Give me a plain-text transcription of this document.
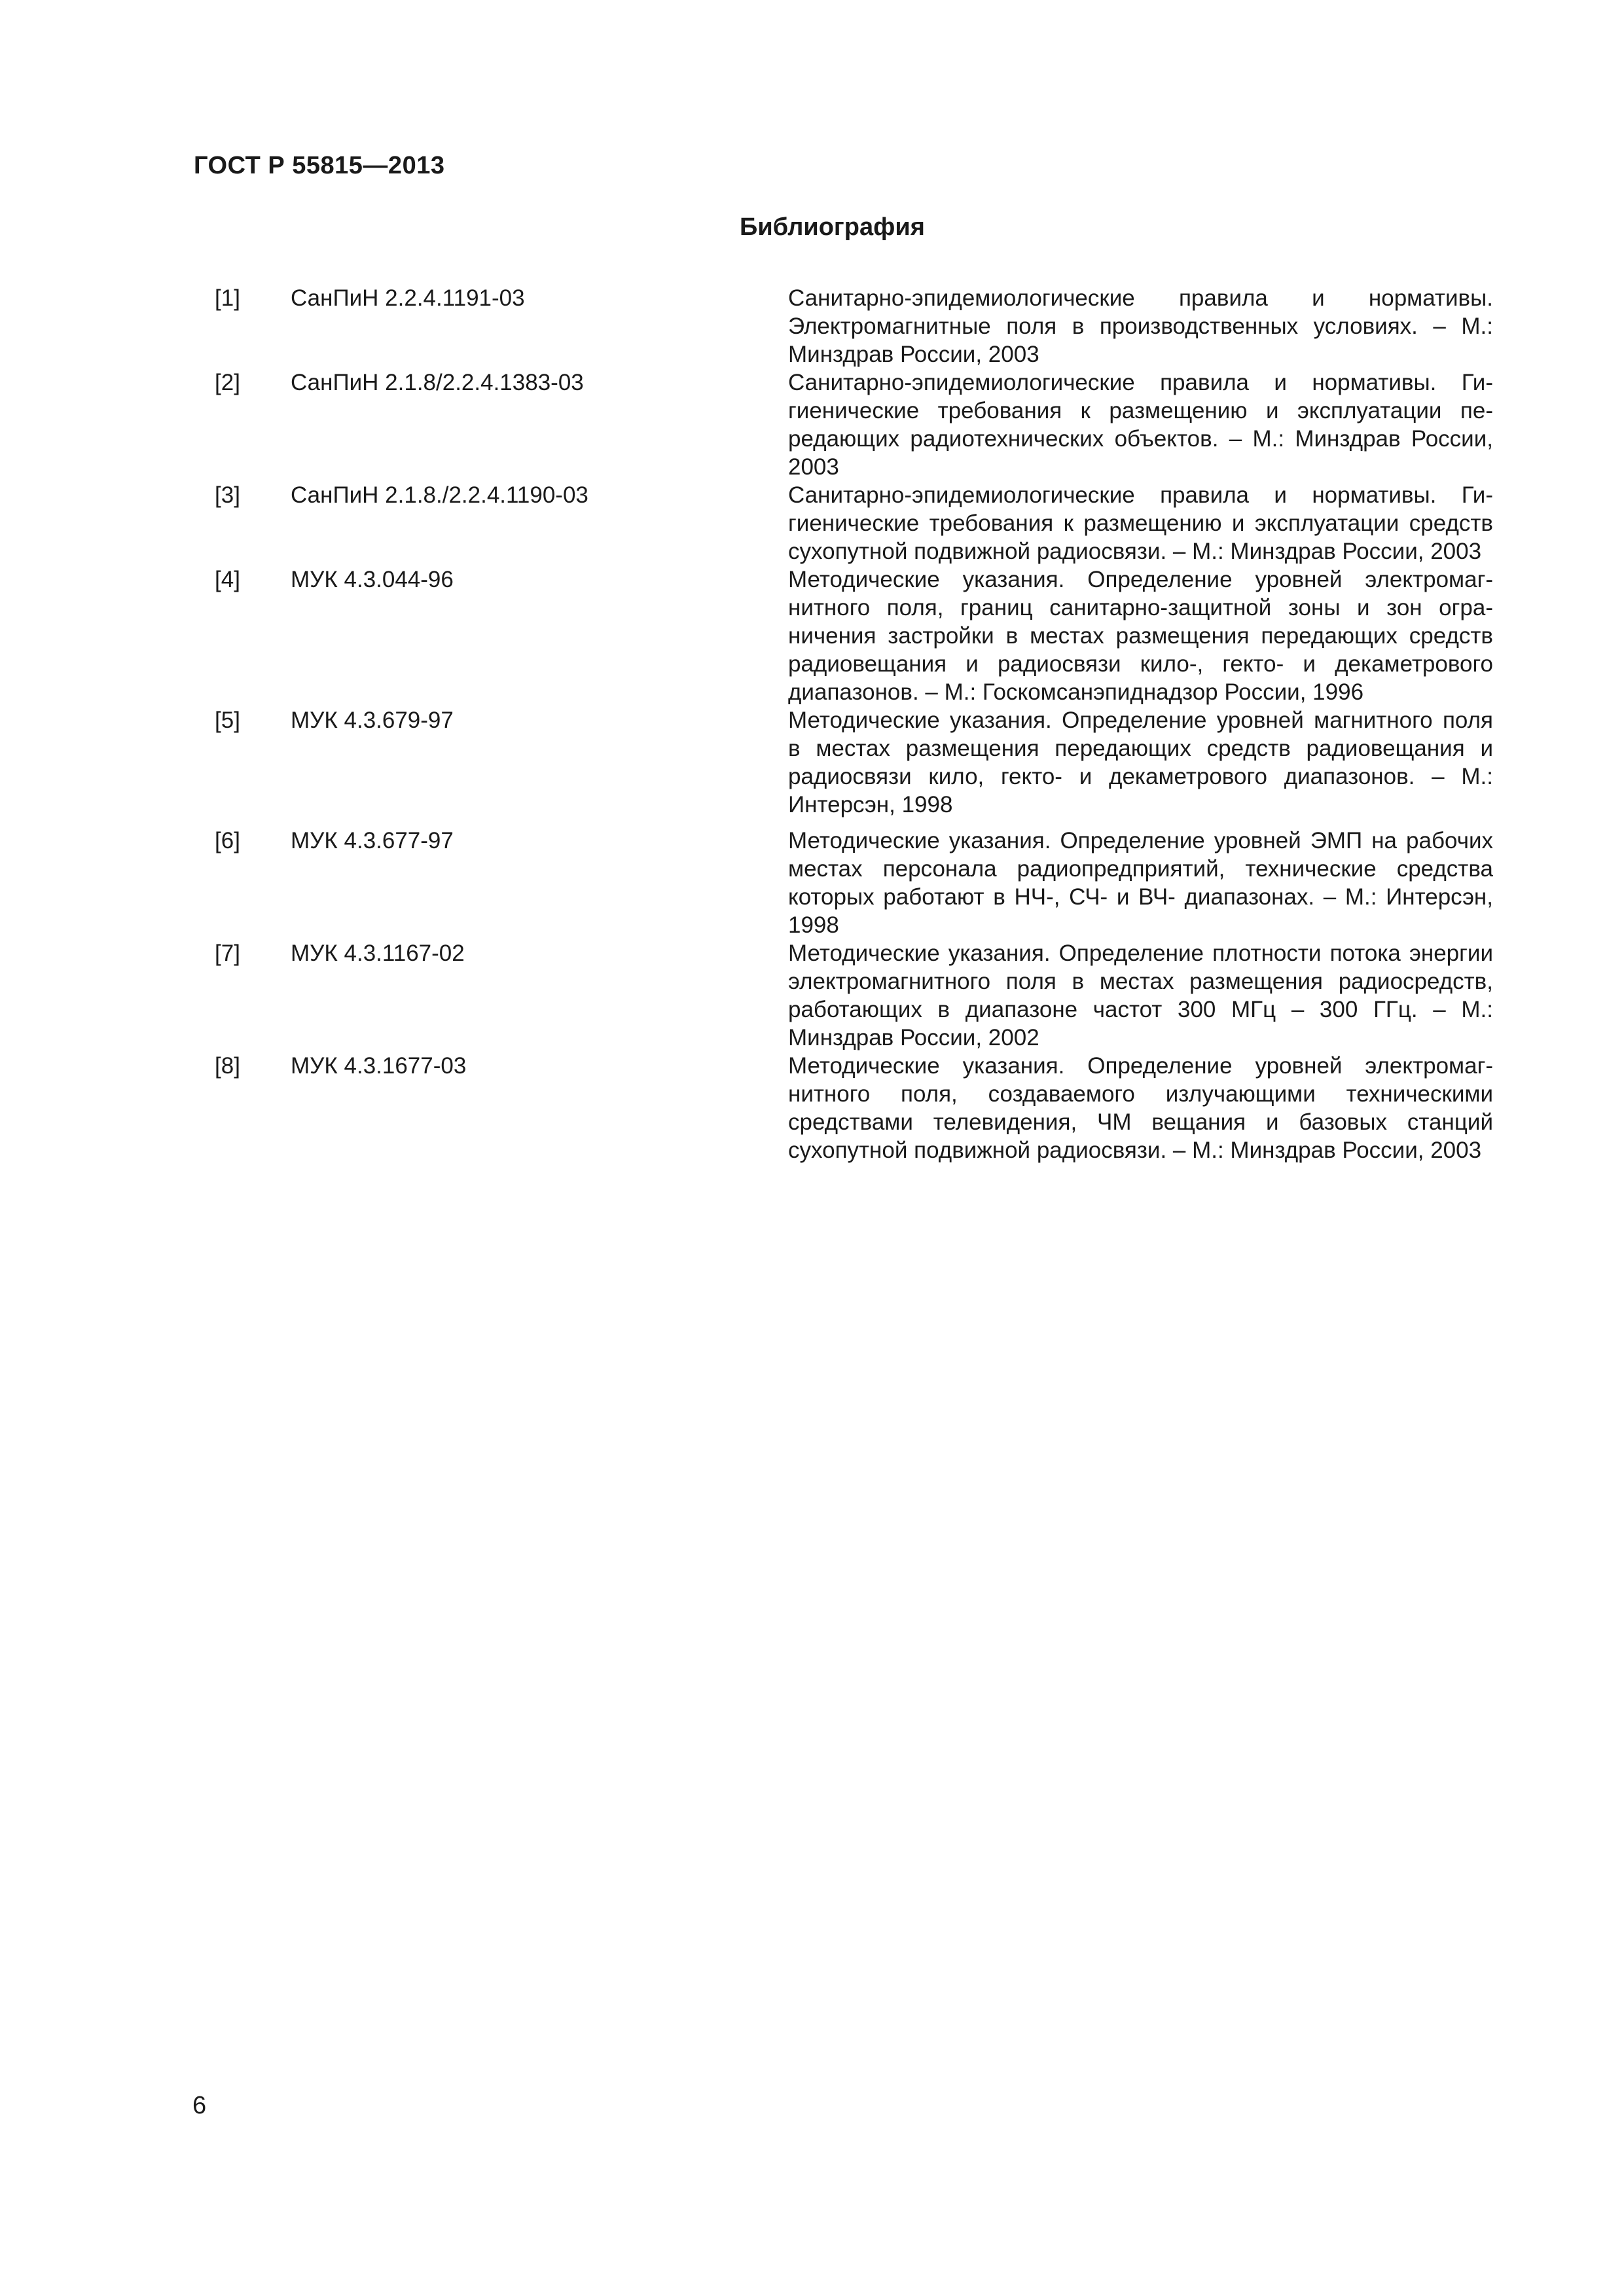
ГОСТ Р 55815—2013
Библиография
[1] СанПиН 2.2.4.1191-03	Санитарно-эпидемиологические правила и нормативы. Электромагнитные поля в производственных условиях. – М.: Минздрав России, 2003
[2] СанПиН 2.1.8/2.2.4.1383-03	Санитарно-эпидемиологические правила и нормативы. Гигиенические требования к размещению и эксплуатации передающих радиотехнических объектов. – М.: Минздрав России, 2003
[3] СанПиН 2.1.8./2.2.4.1190-03	Санитарно-эпидемиологические правила и нормативы. Гигиенические требования к размещению и эксплуатации средств сухопутной подвижной радиосвязи. – М.: Минздрав России, 2003
[4] МУК 4.3.044-96	Методические указания. Определение уровней электромагнитного поля, границ санитарно-защитной зоны и зон ограничения застройки в местах размещения передающих средств радиовещания и радиосвязи кило-, гекто- и декаметрового диапазонов. – М.: Госкомсанэпиднадзор России, 1996
[5] МУК 4.3.679-97	Методические указания. Определение уровней магнитного поля в местах размещения передающих средств радиовещания и радиосвязи кило, гекто- и декаметрового диапазонов. – М.: Интерсэн, 1998
[6] МУК 4.3.677-97	Методические указания. Определение уровней ЭМП на рабочих местах персонала радиопредприятий, технические средства которых работают в НЧ-, СЧ- и ВЧ- диапазонах. – М.: Интерсэн, 1998
[7] МУК 4.3.1167-02	Методические указания. Определение плотности потока энергии электромагнитного поля в местах размещения радиосредств, работающих в диапазоне частот 300 МГц – 300 ГГц. – М.: Минздрав России, 2002
[8] МУК 4.3.1677-03	Методические указания. Определение уровней электромагнитного поля, создаваемого излучающими техническими средствами телевидения, ЧМ вещания и базовых станций сухопутной подвижной радиосвязи. – М.: Минздрав России, 2003
6
